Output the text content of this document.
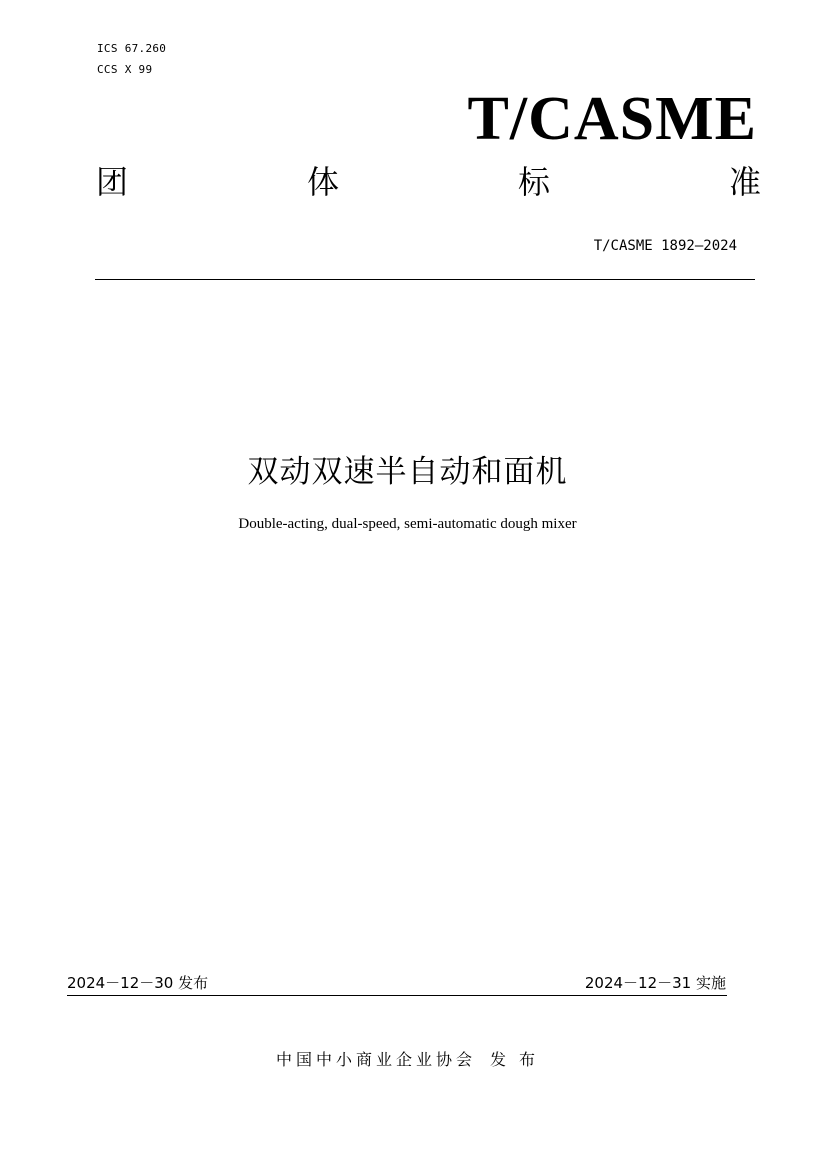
ICS 67.260
CCS X 99
T/CASME
团	体	标	准
T/CASME 1892—2024
双动双速半自动和面机
Double-acting, dual-speed, semi-automatic dough mixer
2024－12－30 发布	2024－12－31 实施
中国中小商业企业协会 发 布
